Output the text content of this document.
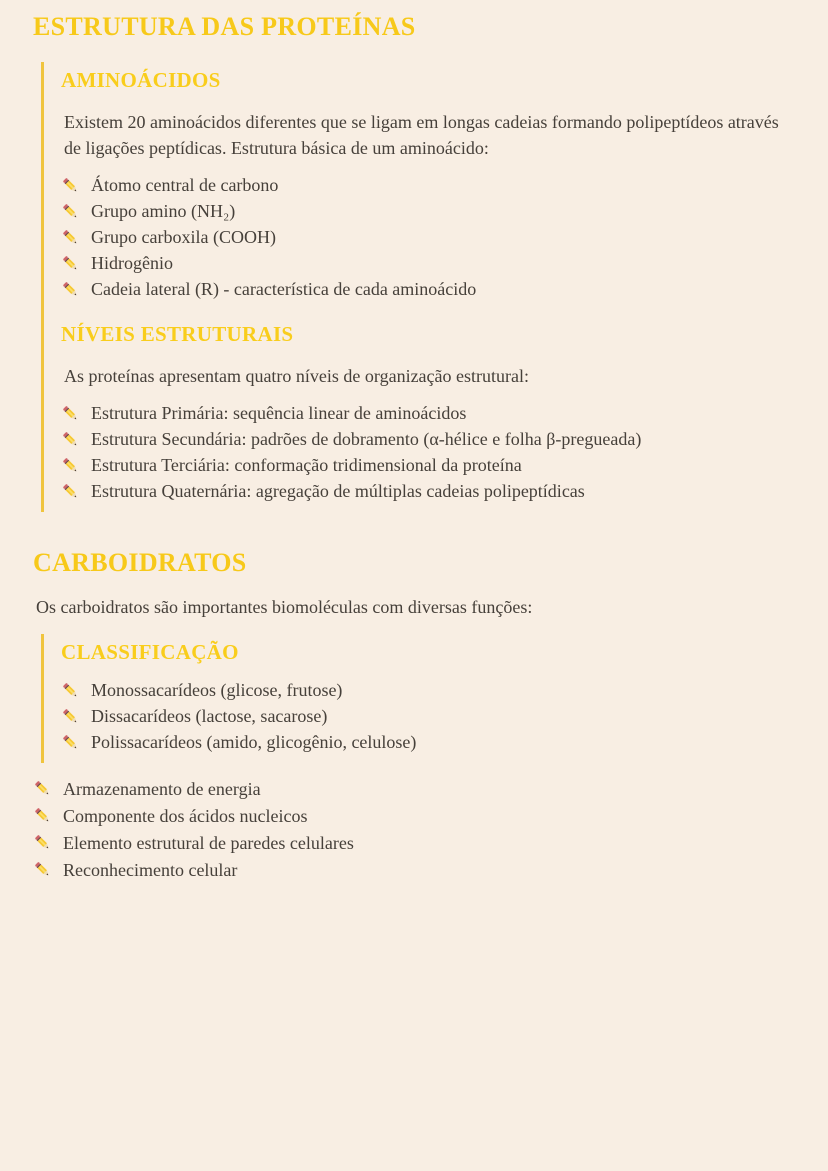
ESTRUTURA DAS PROTEÍNAS
AMINOÁCIDOS

Existem 20 aminoácidos diferentes que se ligam em longas cadeias formando polipeptídeos através de ligações peptídicas. Estrutura básica de um aminoácido:

Átomo central de carbono
Grupo amino (NH₂)
Grupo carboxila (COOH)
Hidrogênio
Cadeia lateral (R) - característica de cada aminoácido
NÍVEIS ESTRUTURAIS

As proteínas apresentam quatro níveis de organização estrutural:

Estrutura Primária: sequência linear de aminoácidos
Estrutura Secundária: padrões de dobramento (α-hélice e folha β-pregueada)
Estrutura Terciária: conformação tridimensional da proteína
Estrutura Quaternária: agregação de múltiplas cadeias polipeptídicas
CARBOIDRATOS

Os carboidratos são importantes biomoléculas com diversas funções:

CLASSIFICAÇÃO
Monossacarídeos (glicose, frutose)
Dissacarídeos (lactose, sacarose)
Polissacarídeos (amido, glicogênio, celulose)
Armazenamento de energia
Componente dos ácidos nucleicos
Elemento estrutural de paredes celulares
Reconhecimento celular
